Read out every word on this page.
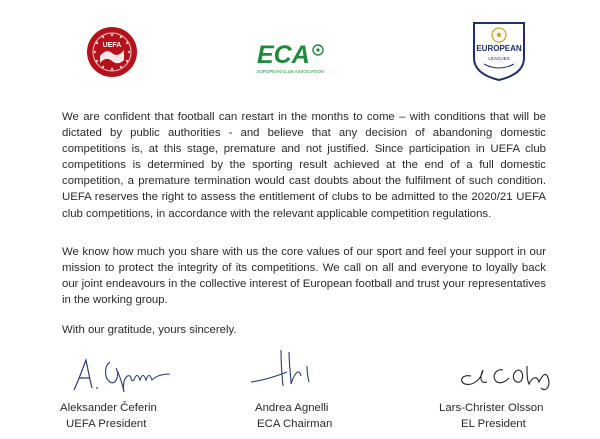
UEFA	ECA
EUROPEAN CLUB ASSOCIATION
EUROPEAN
LEAGUES

We are confident that football can restart in the months to come – with conditions that will be dictated by public authorities - and believe that any decision of abandoning domestic competitions is, at this stage, premature and not justified. Since participation in UEFA club competitions is determined by the sporting result achieved at the end of a full domestic competition, a premature termination would cast doubts about the fulfilment of such condition. UEFA reserves the right to assess the entitlement of clubs to be admitted to the 2020/21 UEFA club competitions, in accordance with the relevant applicable competition regulations.

We know how much you share with us the core values of our sport and feel your support in our mission to protect the integrity of its competitions. We call on all and everyone to loyally back our joint endeavours in the collective interest of European football and trust your representatives in the working group.

With our gratitude, yours sincerely.

Aleksander Čeferin

UEFA President

Andrea Agnelli

ECA Chairman

Lars-Christer Olsson

EL President
